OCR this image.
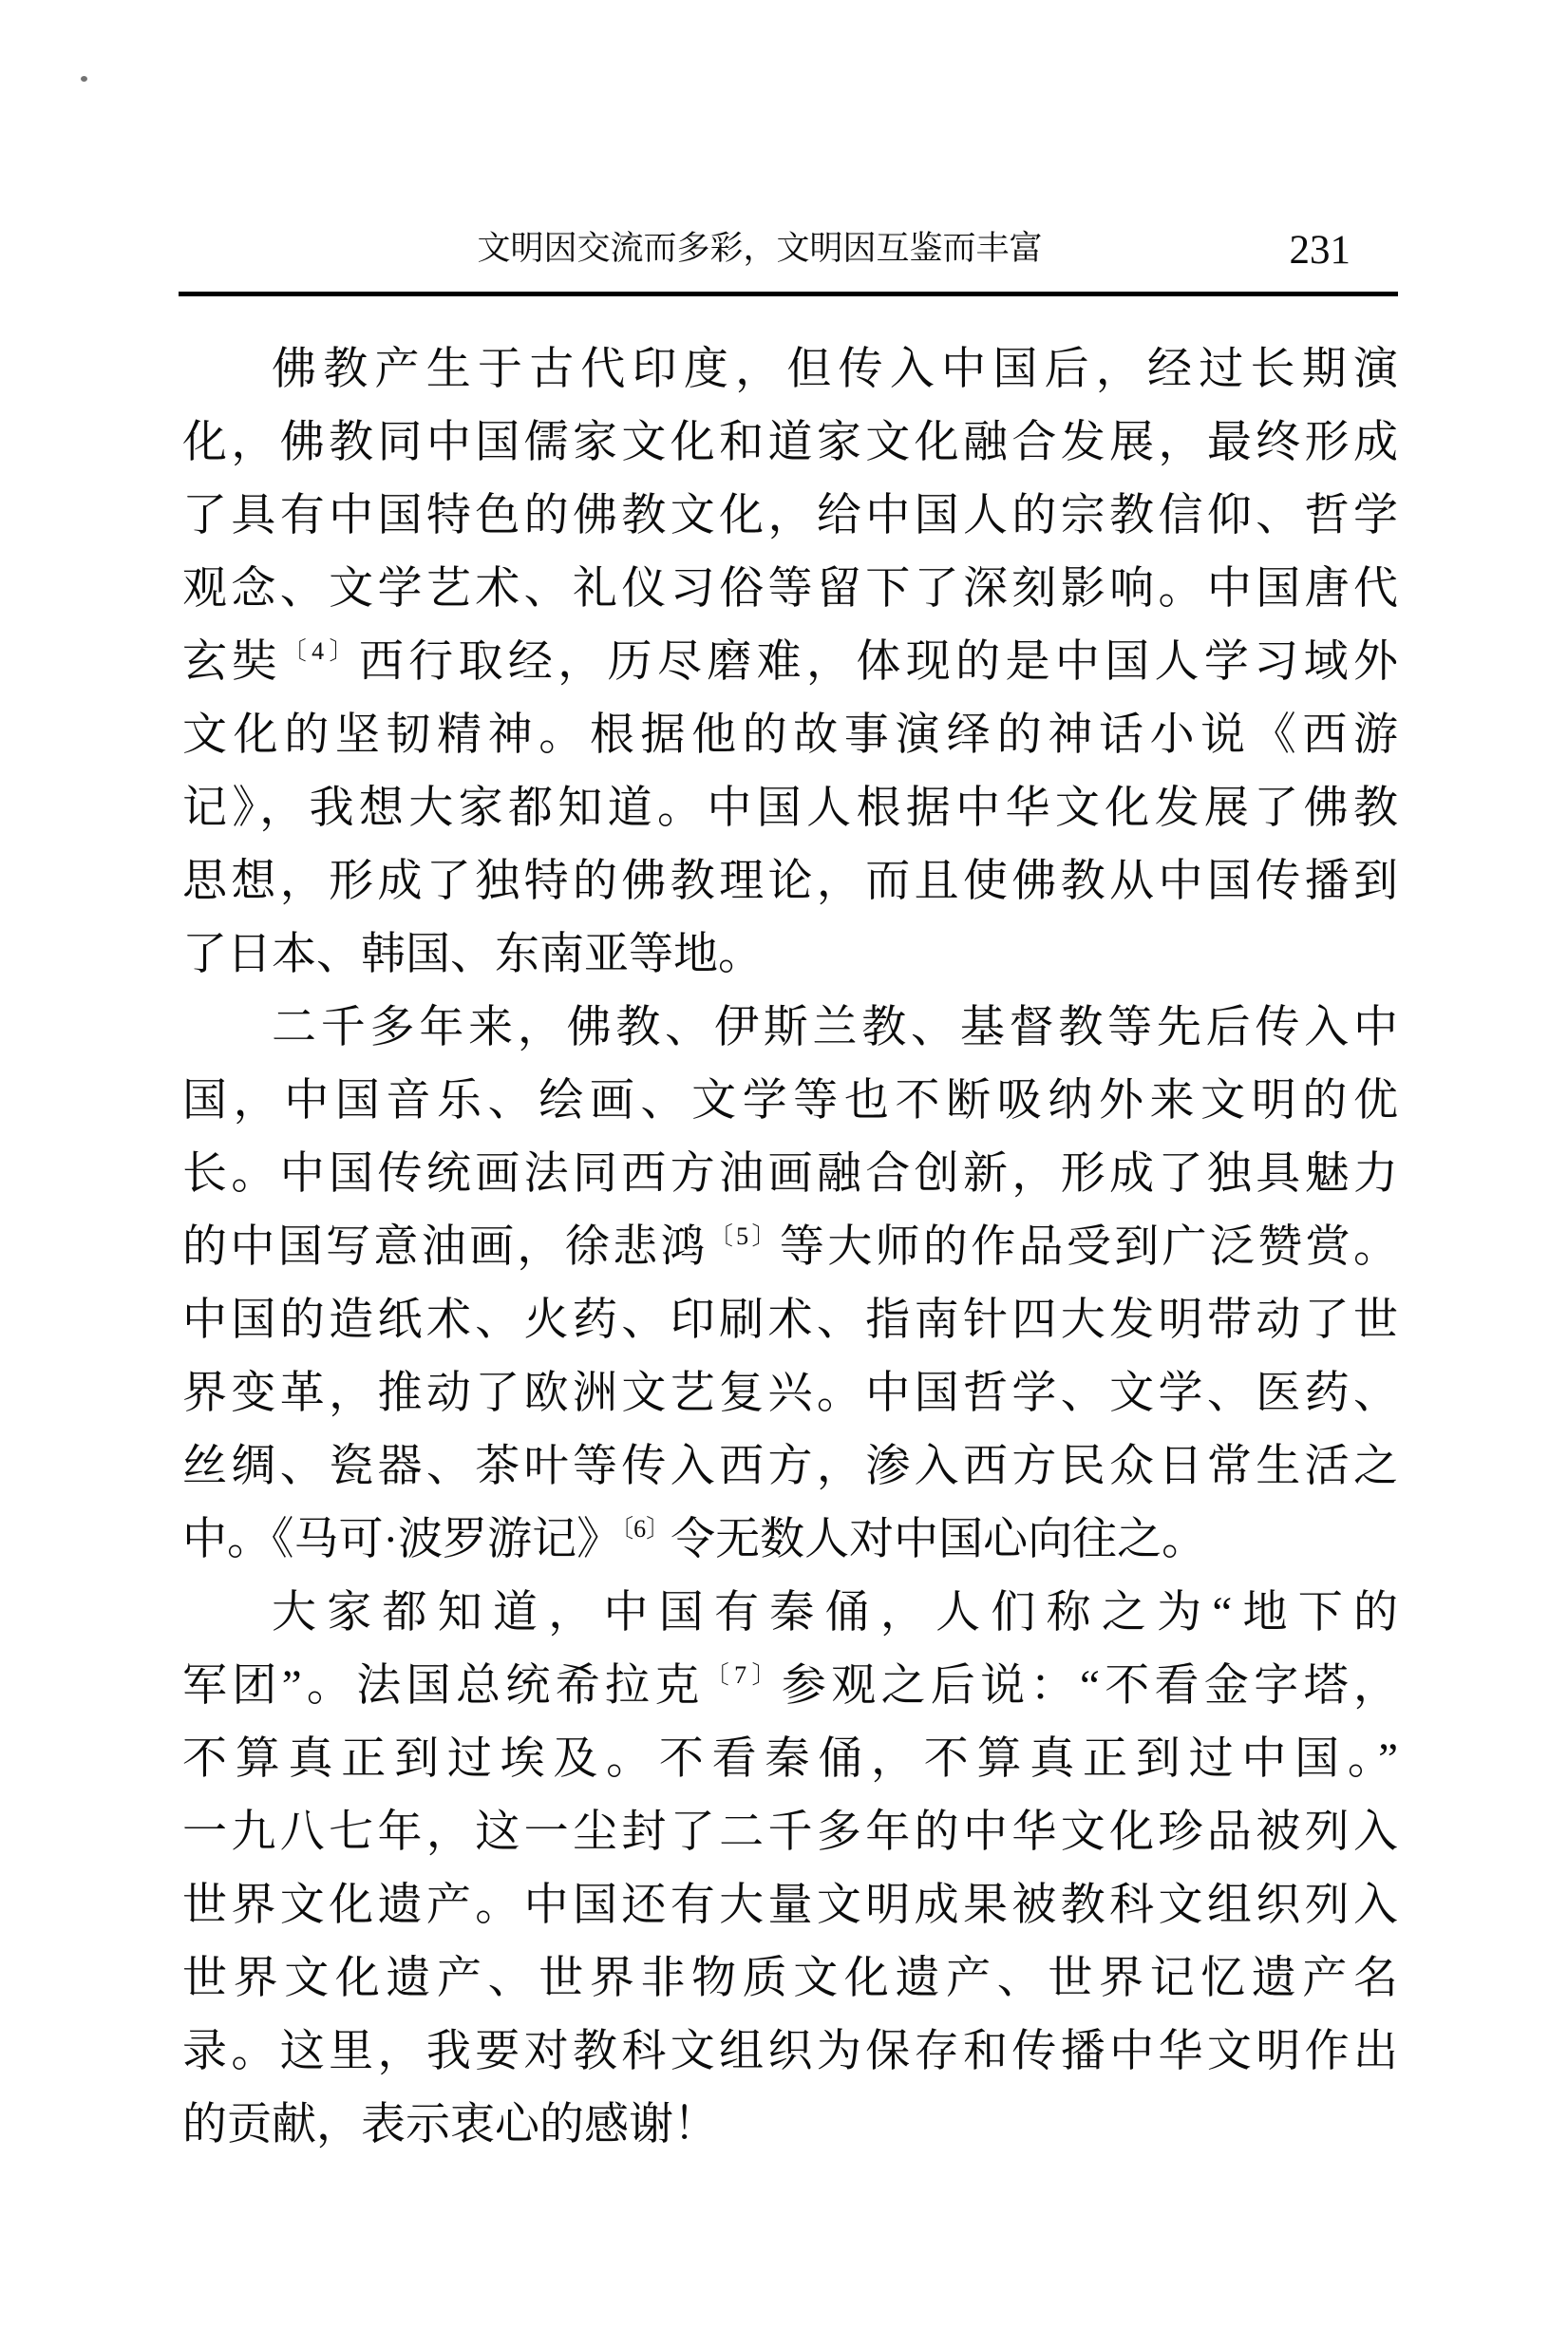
文明因交流而多彩，文明因互鉴而丰富	231
佛教产生于古代印度，但传入中国后，经过长期演
化，佛教同中国儒家文化和道家文化融合发展，最终形成
了具有中国特色的佛教文化，给中国人的宗教信仰、哲学
观念、文学艺术、礼仪习俗等留下了深刻影响。中国唐代
玄奘$^{〔4〕}$西行取经，历尽磨难，体现的是中国人学习域外
文化的坚韧精神。根据他的故事演绎的神话小说《西游
记》，我想大家都知道。中国人根据中华文化发展了佛教
思想，形成了独特的佛教理论，而且使佛教从中国传播到
了日本、韩国、东南亚等地。
二千多年来，佛教、伊斯兰教、基督教等先后传入中
国，中国音乐、绘画、文学等也不断吸纳外来文明的优
长。中国传统画法同西方油画融合创新，形成了独具魅力
的中国写意油画，徐悲鸿$^{〔5〕}$等大师的作品受到广泛赞赏。
中国的造纸术、火药、印刷术、指南针四大发明带动了世
界变革，推动了欧洲文艺复兴。中国哲学、文学、医药、
丝绸、瓷器、茶叶等传入西方，渗入西方民众日常生活之
中。《马可·波罗游记》$^{〔6〕}$令无数人对中国心向往之。
大家都知道，中国有秦俑，人们称之为“地下的
军团”。法国总统希拉克$^{〔7〕}$参观之后说：“不看金字塔，
不算真正到过埃及。不看秦俑，不算真正到过中国。”
一九八七年，这一尘封了二千多年的中华文化珍品被列入
世界文化遗产。中国还有大量文明成果被教科文组织列入
世界文化遗产、世界非物质文化遗产、世界记忆遗产名
录。这里，我要对教科文组织为保存和传播中华文明作出
的贡献，表示衷心的感谢！
